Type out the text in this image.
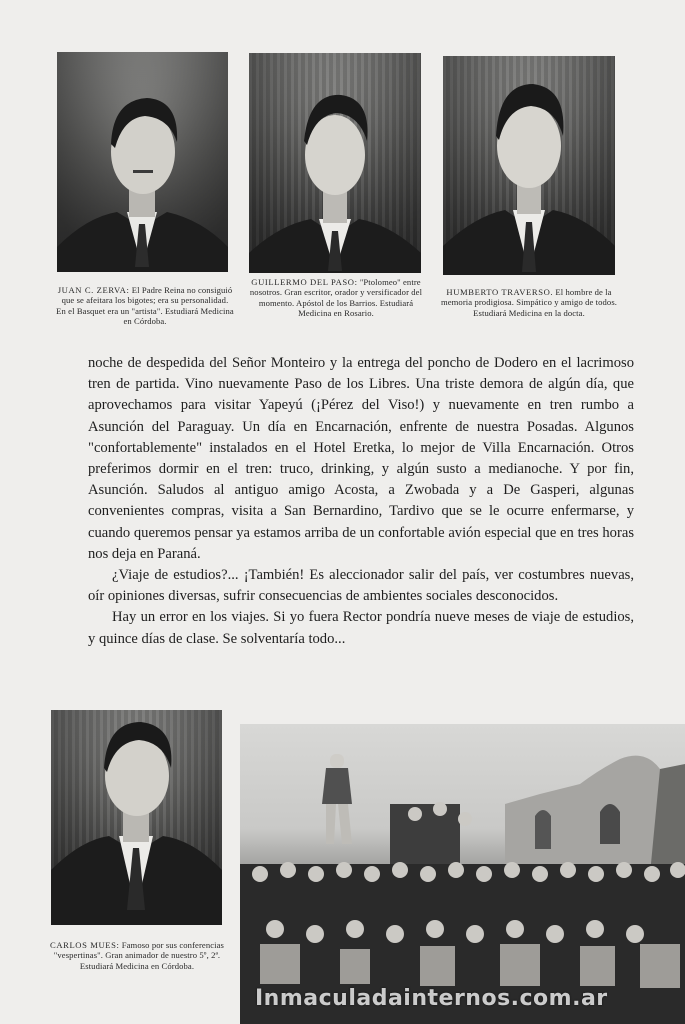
JUAN C. ZERVA: El Padre Reina no consiguió que se afeitara los bigotes; era su personalidad. En el Basquet era un "artista". Estudiará Medicina en Córdoba.
GUILLERMO DEL PASO: "Ptolomeo" entre nosotros. Gran escritor, orador y versificador del momento. Apóstol de los Barrios. Estudiará Medicina en Rosario.
HUMBERTO TRAVERSO. El hombre de la memoria prodigiosa. Simpático y amigo de todos. Estudiará Medicina en la docta.

noche de despedida del Señor Monteiro y la entrega del poncho de Dodero en el lacrimoso tren de partida. Vino nuevamente Paso de los Libres. Una triste demora de algún día, que aprovechamos para visitar Yapeyú (¡Pérez del Viso!) y nuevamente en tren rumbo a Asunción del Paraguay. Un día en Encarnación, enfrente de nuestra Posadas. Algunos "confortablemente" instalados en el Hotel Eretka, lo mejor de Villa Encarnación. Otros preferimos dormir en el tren: truco, drinking, y algún susto a medianoche. Y por fin, Asunción. Saludos al antiguo amigo Acosta, a Zwobada y a De Gasperi, algunas convenientes compras, visita a San Bernardino, Tardivo que se le ocurre enfermarse, y cuando queremos pensar ya estamos arriba de un confortable avión especial que en tres horas nos deja en Paraná.

¿Viaje de estudios?... ¡También! Es aleccionador salir del país, ver costumbres nuevas, oír opiniones diversas, sufrir consecuencias de ambientes sociales desconocidos.

Hay un error en los viajes. Si yo fuera Rector pondría nueve meses de viaje de estudios, y quince días de clase. Se solventaría todo...

CARLOS MUES: Famoso por sus conferencias "vespertinas". Gran animador de nuestro 5º, 2ª. Estudiará Medicina en Córdoba.
Inmaculadainternos.com.ar
